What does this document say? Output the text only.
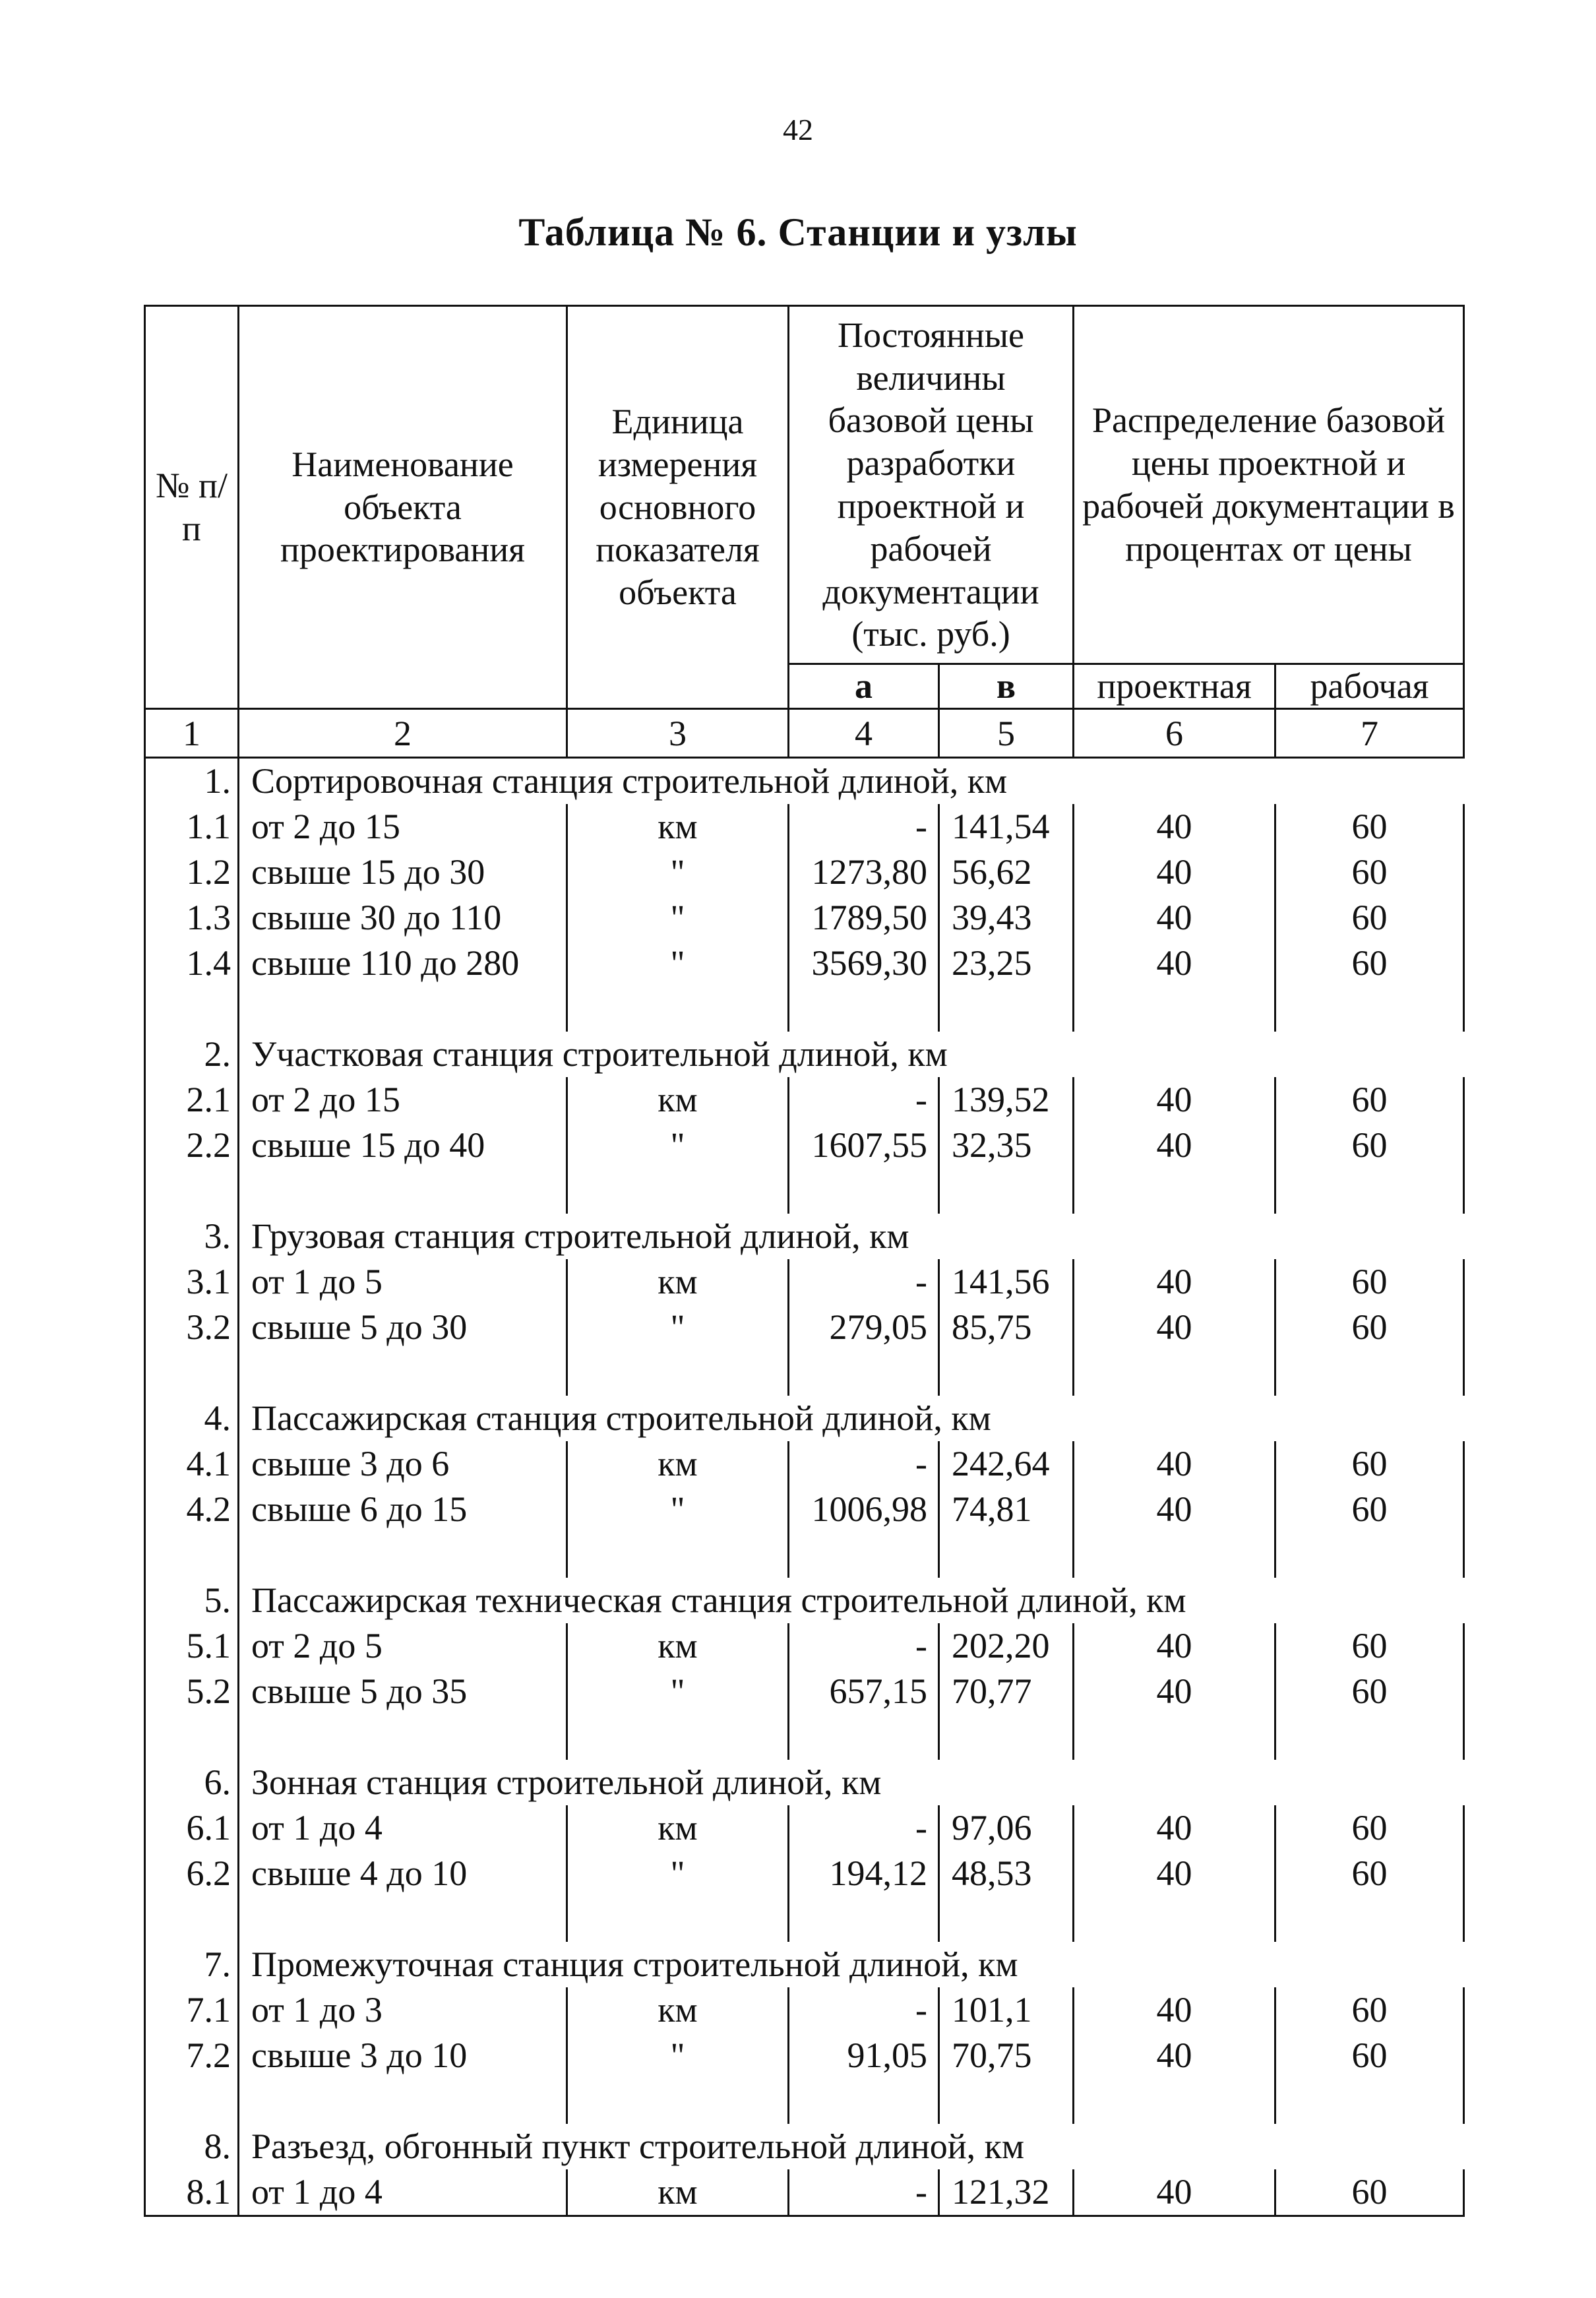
42
Таблица № 6. Станции и узлы
№ п/п	Наименование объекта проектирования	Единица измерения основного показателя объекта	Постоянные величины базовой цены разработки проектной и рабочей документации (тыс. руб.)		Распределение базовой цены проектной и рабочей документации в процентах от цены	
			а	в	проектная	рабочая
1	2	3	4	5	6	7
1.	Сортировочная станция строительной длиной, км					
1.1	от 2 до 15	км	-	141,54	40	60
1.2	свыше 15 до 30	"	1273,80	56,62	40	60
1.3	свыше 30 до 110	"	1789,50	39,43	40	60
1.4	свыше 110 до 280	"	3569,30	23,25	40	60

2.	Участковая станция строительной длиной, км					
2.1	от 2 до 15	км	-	139,52	40	60
2.2	свыше 15 до 40	"	1607,55	32,35	40	60

3.	Грузовая станция строительной длиной, км					
3.1	от 1 до 5	км	-	141,56	40	60
3.2	свыше 5 до 30	"	279,05	85,75	40	60

4.	Пассажирская станция строительной длиной, км					
4.1	свыше 3 до 6	км	-	242,64	40	60
4.2	свыше 6 до 15	"	1006,98	74,81	40	60

5.	Пассажирская техническая станция строительной длиной, км					
5.1	от 2 до 5	км	-	202,20	40	60
5.2	свыше 5 до 35	"	657,15	70,77	40	60

6.	Зонная станция строительной длиной, км					
6.1	от 1 до 4	км	-	97,06	40	60
6.2	свыше 4 до 10	"	194,12	48,53	40	60

7.	Промежуточная станция строительной длиной, км					
7.1	от 1 до 3	км	-	101,1	40	60
7.2	свыше 3 до 10	"	91,05	70,75	40	60

8.	Разъезд, обгонный пункт строительной длиной, км					
8.1	от 1 до 4	км	-	121,32	40	60
